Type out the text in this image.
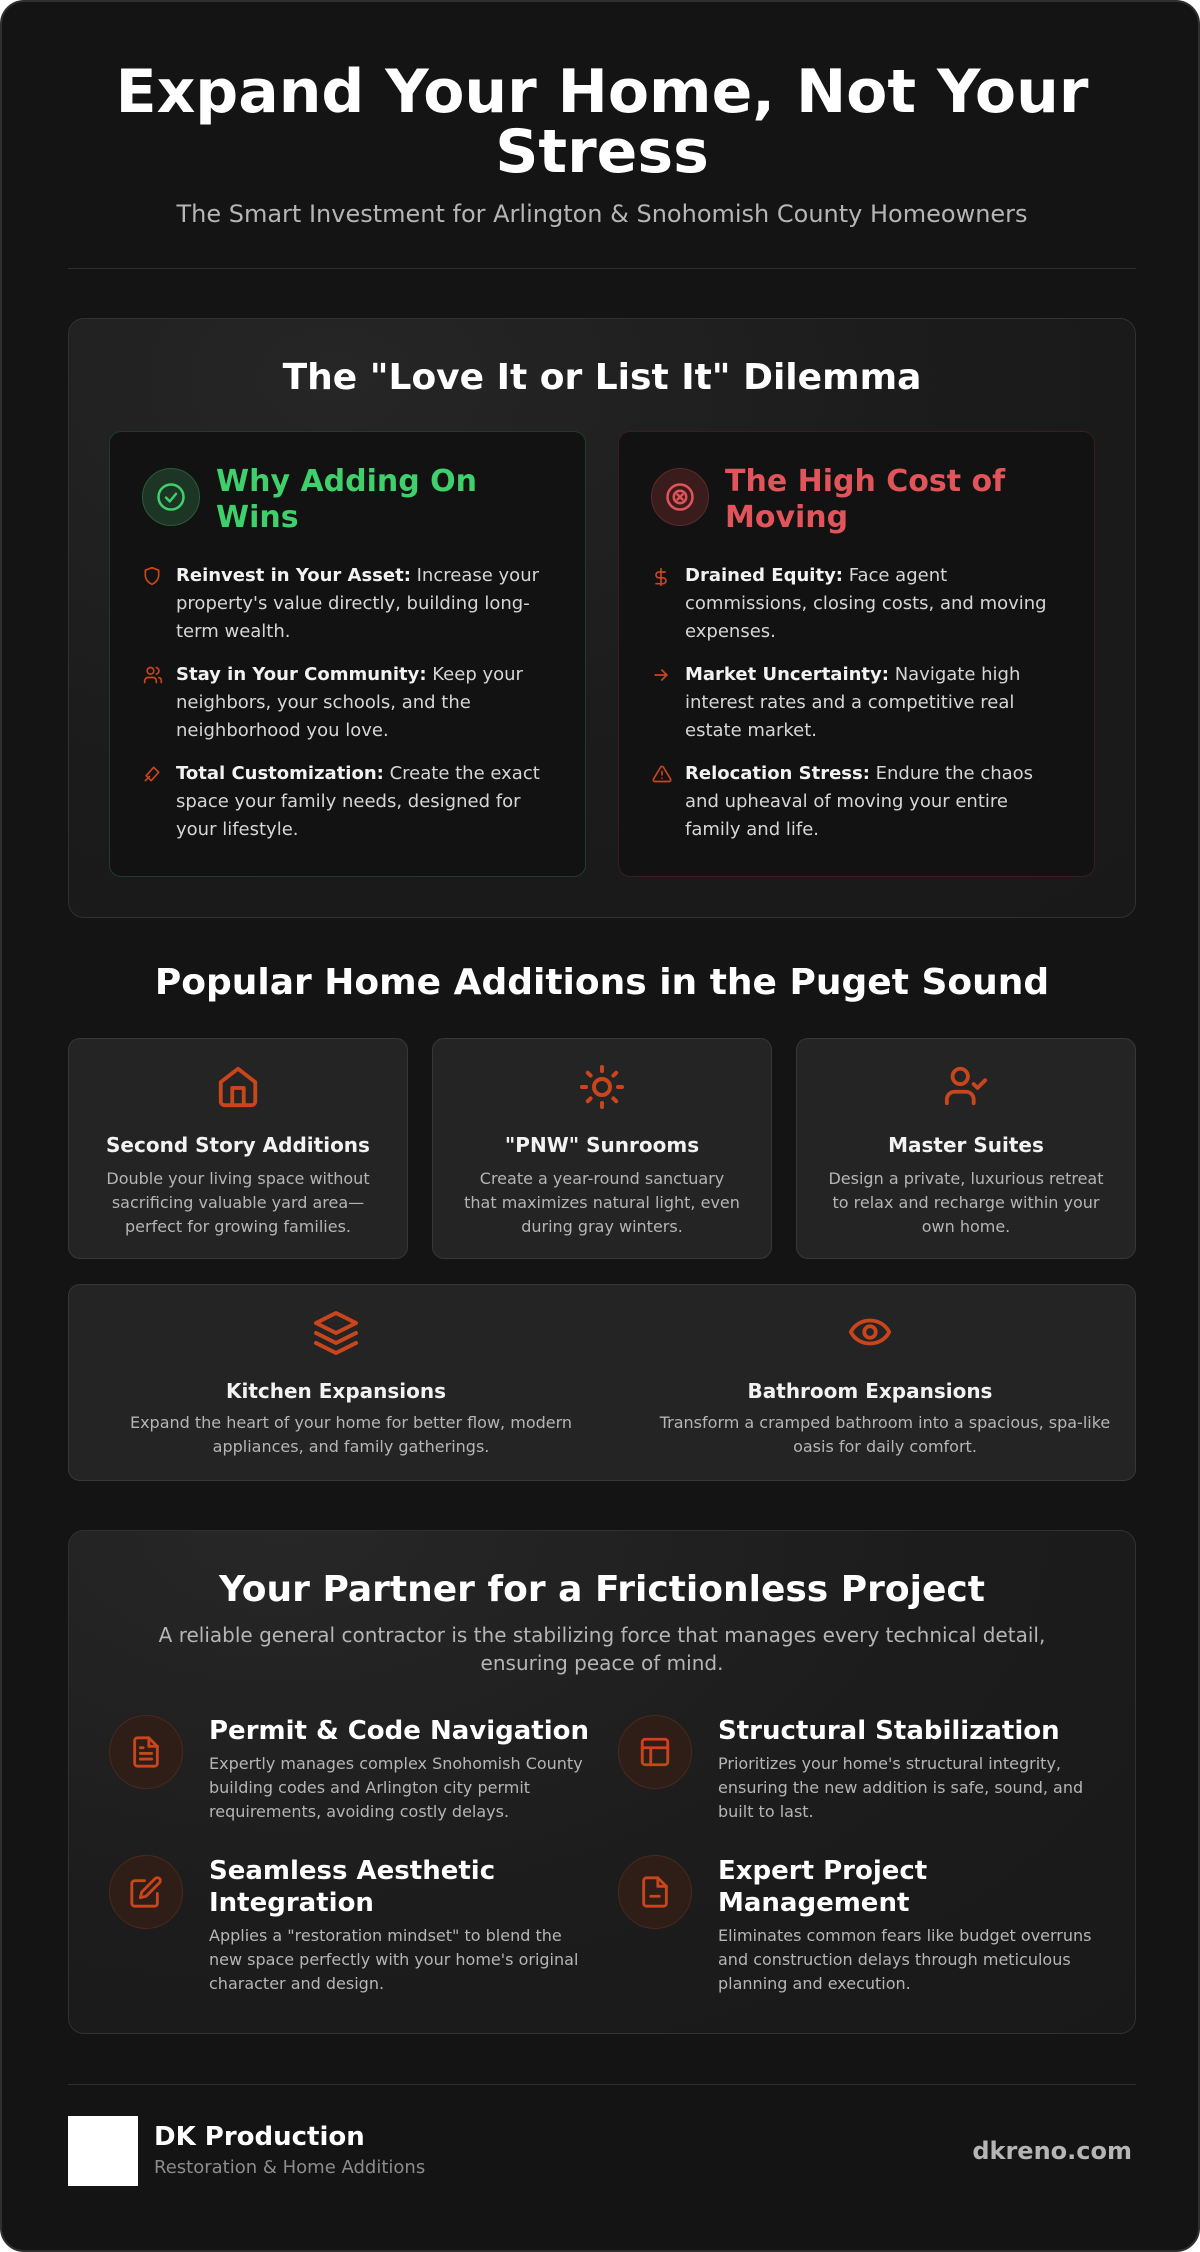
Expand Your Home, Not Your Stress

The Smart Investment for Arlington & Snohomish County Homeowners

The "Love It or List It" Dilemma
Why Adding On Wins
Reinvest in Your Asset: Increase your property's value directly, building long-term wealth.
Stay in Your Community: Keep your neighbors, your schools, and the neighborhood you love.
Total Customization: Create the exact space your family needs, designed for your lifestyle.
The High Cost of Moving
Drained Equity: Face agent commissions, closing costs, and moving expenses.
Market Uncertainty: Navigate high interest rates and a competitive real estate market.
Relocation Stress: Endure the chaos and upheaval of moving your entire family and life.
Popular Home Additions in the Puget Sound
Second Story Additions

Double your living space without sacrificing valuable yard area—perfect for growing families.

"PNW" Sunrooms

Create a year-round sanctuary that maximizes natural light, even during gray winters.

Master Suites

Design a private, luxurious retreat to relax and recharge within your own home.

Kitchen Expansions

Expand the heart of your home for better flow, modern appliances, and family gatherings.

Bathroom Expansions

Transform a cramped bathroom into a spacious, spa-like oasis for daily comfort.

Your Partner for a Frictionless Project
A reliable general contractor is the stabilizing force that manages every technical detail, ensuring peace of mind.
Permit & Code Navigation

Expertly manages complex Snohomish County building codes and Arlington city permit requirements, avoiding costly delays.

Structural Stabilization

Prioritizes your home's structural integrity, ensuring the new addition is safe, sound, and built to last.

Seamless Aesthetic Integration

Applies a "restoration mindset" to blend the new space perfectly with your home's original character and design.

Expert Project Management

Eliminates common fears like budget overruns and construction delays through meticulous planning and execution.

DK Production
Restoration & Home Additions
dkreno.com
